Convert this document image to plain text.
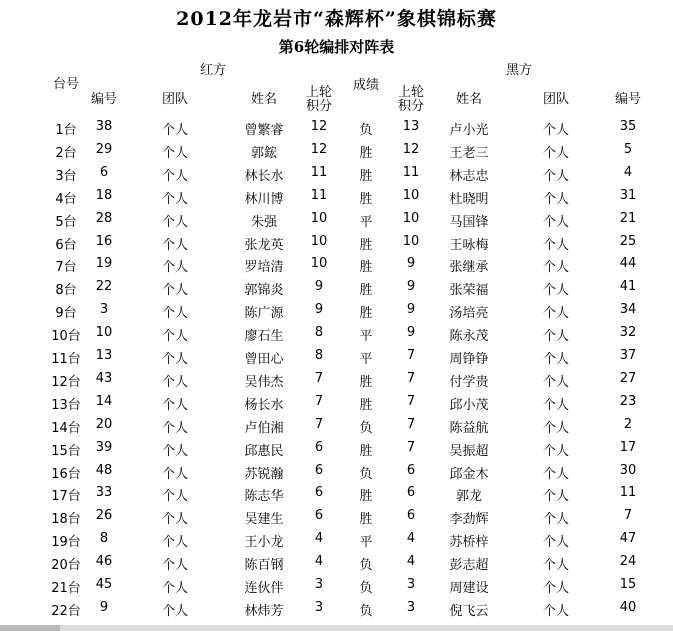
2012年龙岩市“森辉杯”象棋锦标赛
第6轮编排对阵表
台号
红方	黑方
编号	团队	姓名	上轮
积分
成绩	上轮
积分	姓名	团队	编号
1台	38	个人	曾繁睿	12	负	13	卢小光	个人	35
2台	29	个人	郭鋐	12	胜	12	王老三	个人	5
3台	6	个人	林长水	11	胜	11	林志忠	个人	4
4台	18	个人	林川博	11	胜	10	杜晓明	个人	31
5台	28	个人	朱强	10	平	10	马国锋	个人	21
6台	16	个人	张龙英	10	胜	10	王咏梅	个人	25
7台	19	个人	罗培清	10	胜	9	张继承	个人	44
8台	22	个人	郭锦炎	9	胜	9	张荣福	个人	41
9台	3	个人	陈广源	9	胜	9	汤培亮	个人	34
10台	10	个人	廖石生	8	平	9	陈永茂	个人	32
11台	13	个人	曾田心	8	平	7	周铮铮	个人	37
12台	43	个人	吴伟杰	7	胜	7	付学贵	个人	27
13台	14	个人	杨长水	7	胜	7	邱小茂	个人	23
14台	20	个人	卢伯湘	7	负	7	陈益航	个人	2
15台	39	个人	邱惠民	6	胜	7	吴振超	个人	17
16台	48	个人	苏锐瀚	6	负	6	邱金木	个人	30
17台	33	个人	陈志华	6	胜	6	郭龙	个人	11
18台	26	个人	吴建生	6	胜	6	李劲辉	个人	7
19台	8	个人	王小龙	4	平	4	苏桥梓	个人	47
20台	46	个人	陈百钢	4	负	4	彭志超	个人	24
21台	45	个人	连伙伴	3	负	3	周建设	个人	15
22台	9	个人	林炜芳	3	负	3	倪飞云	个人	40
